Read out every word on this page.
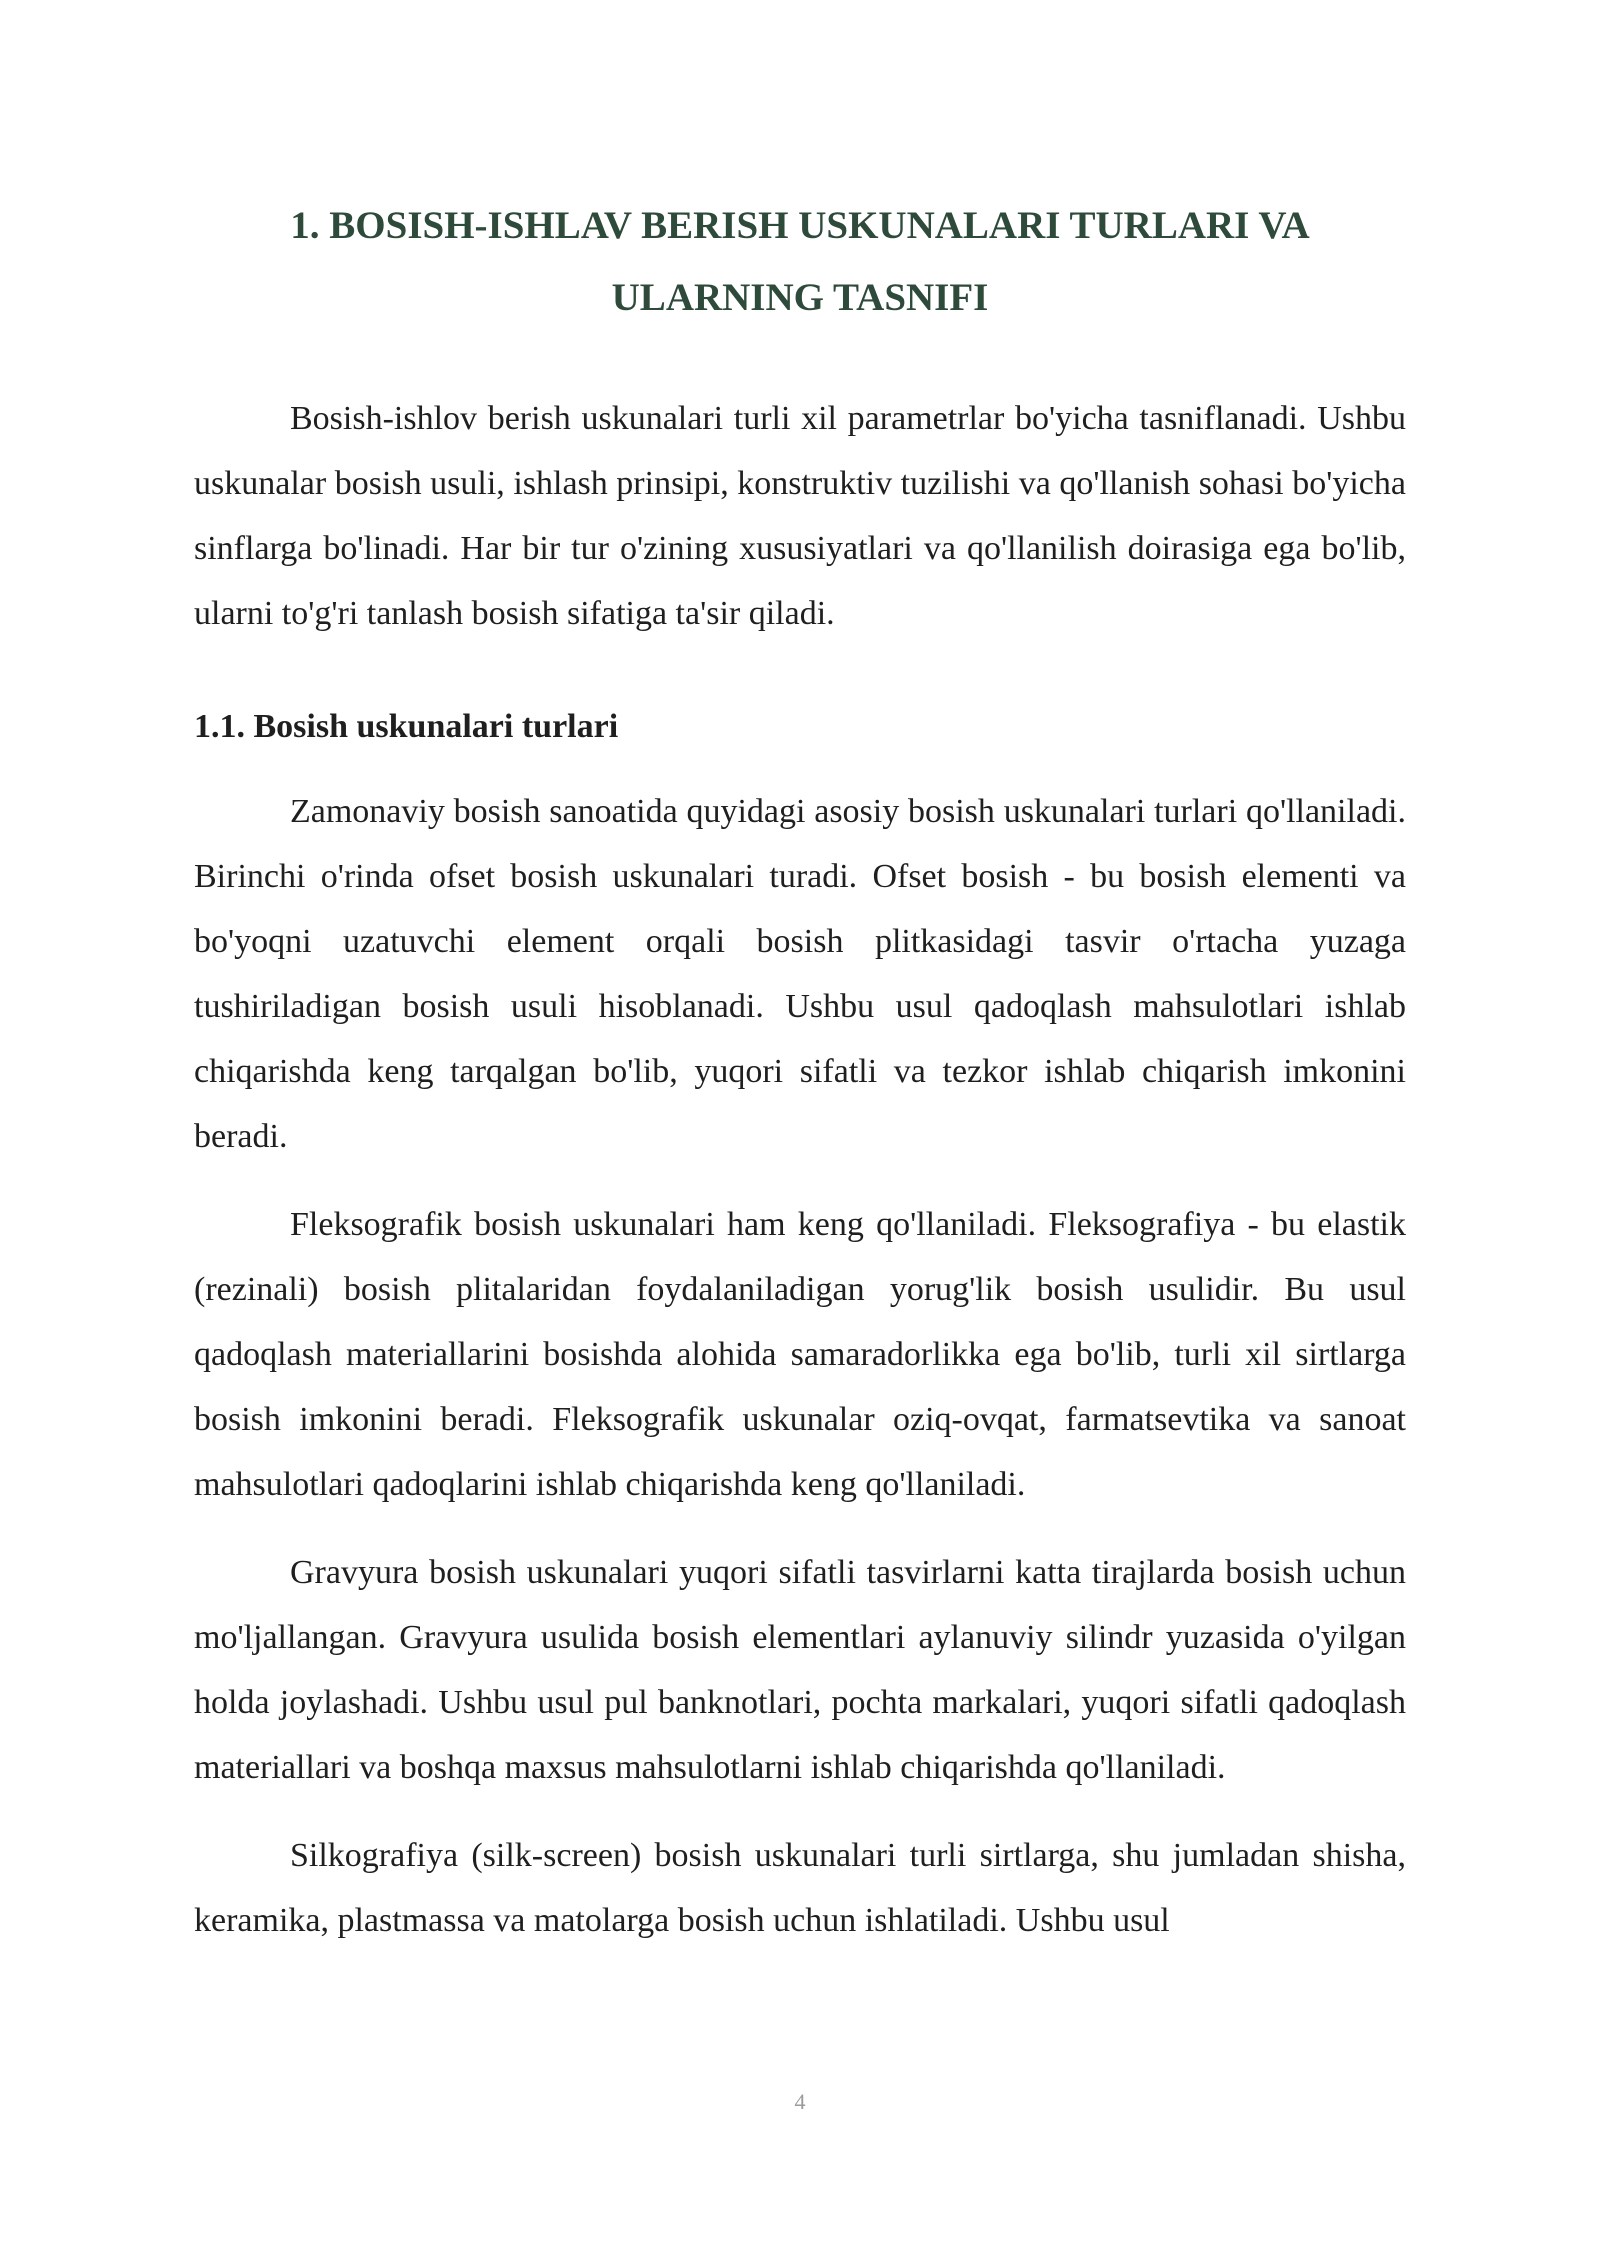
1. BOSISH-ISHLAV BERISH USKUNALARI TURLARI VA
ULARNING TASNIFI

Bosish-ishlov berish uskunalari turli xil parametrlar bo'yicha tasniflanadi. Ushbu uskunalar bosish usuli, ishlash prinsipi, konstruktiv tuzilishi va qo'llanish sohasi bo'yicha sinflarga bo'linadi. Har bir tur o'zining xususiyatlari va qo'llanilish doirasiga ega bo'lib, ularni to'g'ri tanlash bosish sifatiga ta'sir qiladi.

1.1. Bosish uskunalari turlari

Zamonaviy bosish sanoatida quyidagi asosiy bosish uskunalari turlari qo'llaniladi. Birinchi o'rinda ofset bosish uskunalari turadi. Ofset bosish - bu bosish elementi va bo'yoqni uzatuvchi element orqali bosish plitkasidagi tasvir o'rtacha yuzaga tushiriladigan bosish usuli hisoblanadi. Ushbu usul qadoqlash mahsulotlari ishlab chiqarishda keng tarqalgan bo'lib, yuqori sifatli va tezkor ishlab chiqarish imkonini beradi.

Fleksografik bosish uskunalari ham keng qo'llaniladi. Fleksografiya - bu elastik (rezinali) bosish plitalaridan foydalaniladigan yorug'lik bosish usulidir. Bu usul qadoqlash materiallarini bosishda alohida samaradorlikka ega bo'lib, turli xil sirtlarga bosish imkonini beradi. Fleksografik uskunalar oziq-ovqat, farmatsevtika va sanoat mahsulotlari qadoqlarini ishlab chiqarishda keng qo'llaniladi.

Gravyura bosish uskunalari yuqori sifatli tasvirlarni katta tirajlarda bosish uchun mo'ljallangan. Gravyura usulida bosish elementlari aylanuviy silindr yuzasida o'yilgan holda joylashadi. Ushbu usul pul banknotlari, pochta markalari, yuqori sifatli qadoqlash materiallari va boshqa maxsus mahsulotlarni ishlab chiqarishda qo'llaniladi.

Silkografiya (silk-screen) bosish uskunalari turli sirtlarga, shu jumladan shisha, keramika, plastmassa va matolarga bosish uchun ishlatiladi. Ushbu usul

4
